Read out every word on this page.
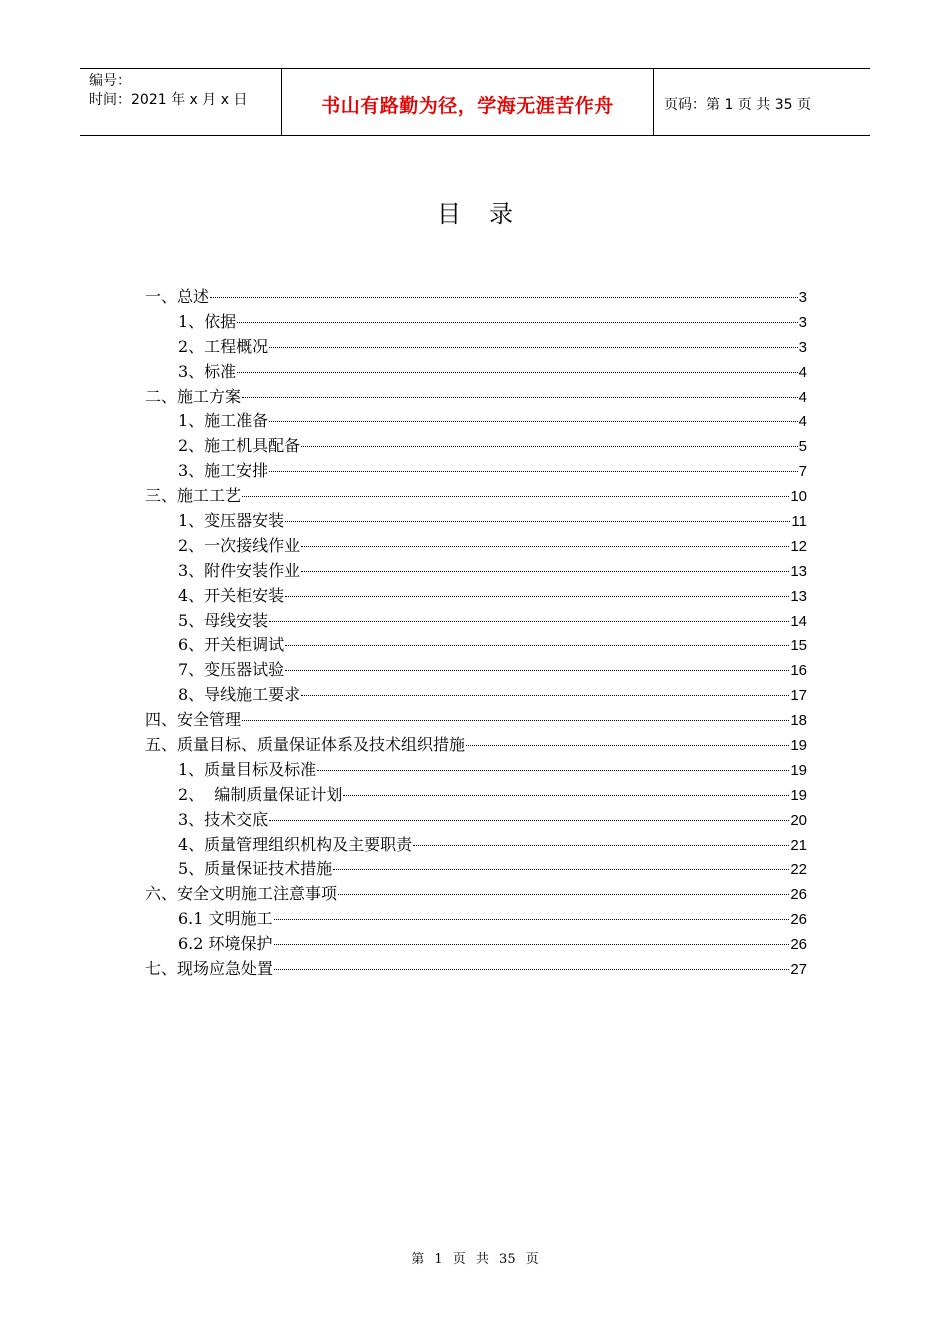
编号：
时间：2021 年 x 月 x 日	书山有路勤为径，学海无涯苦作舟	页码：第 1 页 共 35 页
目录
一、总述	3
1、依据	3
2、工程概况	3
3、标准	4
二、施工方案	4
1、施工准备	4
2、施工机具配备	5
3、施工安排	7
三、施工工艺	10
1、变压器安装	11
2、一次接线作业	12
3、附件安装作业	13
4、开关柜安装	13
5、母线安装	14
6、开关柜调试	15
7、变压器试验	16
8、导线施工要求	17
四、安全管理	18
五、质量目标、质量保证体系及技术组织措施	19
1、质量目标及标准	19
2、  编制质量保证计划	19
3、技术交底	20
4、质量管理组织机构及主要职责	21
5、质量保证技术措施	22
六、安全文明施工注意事项	26
6.1 文明施工	26
6.2 环境保护	26
七、现场应急处置	27
第 1 页 共 35 页
